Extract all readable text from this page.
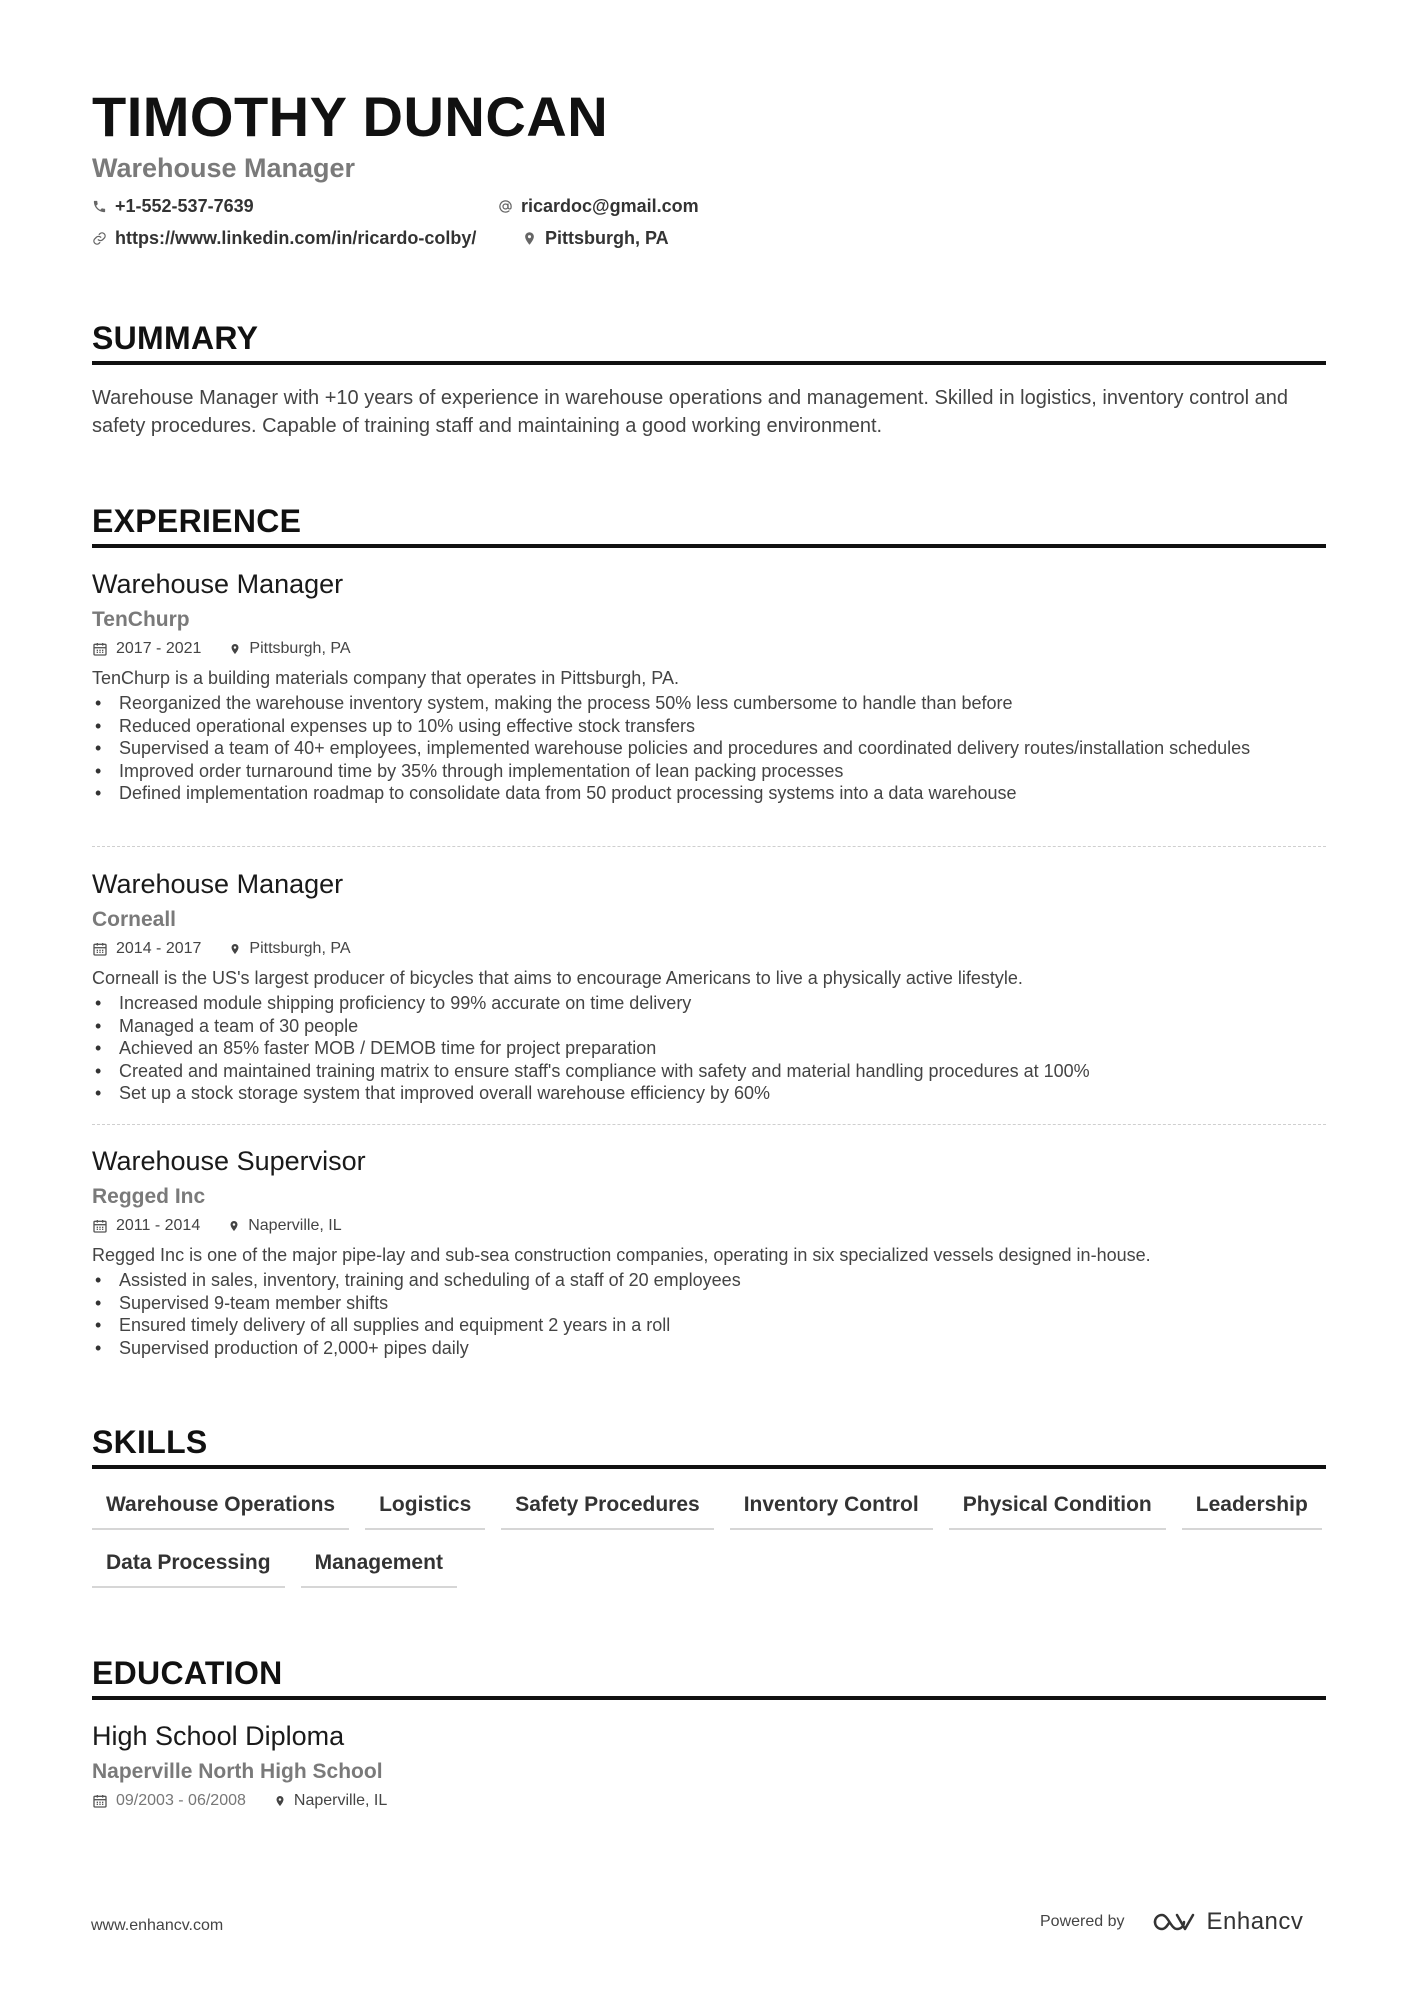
TIMOTHY DUNCAN
Warehouse Manager
+1-552-537-7639	ricardoc@gmail.com
https://www.linkedin.com/in/ricardo-colby/	Pittsburgh, PA
SUMMARY
Warehouse Manager with +10 years of experience in warehouse operations and management. Skilled in logistics, inventory control and safety procedures. Capable of training staff and maintaining a good working environment.
EXPERIENCE
Warehouse Manager
TenChurp
2017 - 2021	Pittsburgh, PA
TenChurp is a building materials company that operates in Pittsburgh, PA.
• Reorganized the warehouse inventory system, making the process 50% less cumbersome to handle than before
• Reduced operational expenses up to 10% using effective stock transfers
• Supervised a team of 40+ employees, implemented warehouse policies and procedures and coordinated delivery routes/installation schedules
• Improved order turnaround time by 35% through implementation of lean packing processes
• Defined implementation roadmap to consolidate data from 50 product processing systems into a data warehouse
Warehouse Manager
Corneall
2014 - 2017	Pittsburgh, PA
Corneall is the US's largest producer of bicycles that aims to encourage Americans to live a physically active lifestyle.
• Increased module shipping proficiency to 99% accurate on time delivery
• Managed a team of 30 people
• Achieved an 85% faster MOB / DEMOB time for project preparation
• Created and maintained training matrix to ensure staff's compliance with safety and material handling procedures at 100%
• Set up a stock storage system that improved overall warehouse efficiency by 60%
Warehouse Supervisor
Regged Inc
2011 - 2014	Naperville, IL
Regged Inc is one of the major pipe-lay and sub-sea construction companies, operating in six specialized vessels designed in-house.
• Assisted in sales, inventory, training and scheduling of a staff of 20 employees
• Supervised 9-team member shifts
• Ensured timely delivery of all supplies and equipment 2 years in a roll
• Supervised production of 2,000+ pipes daily
SKILLS
Warehouse Operations	Logistics	Safety Procedures	Inventory Control	Physical Condition	Leadership
Data Processing	Management
EDUCATION
High School Diploma
Naperville North High School
09/2003 - 06/2008	Naperville, IL
www.enhancv.com	Powered by	Enhancv
